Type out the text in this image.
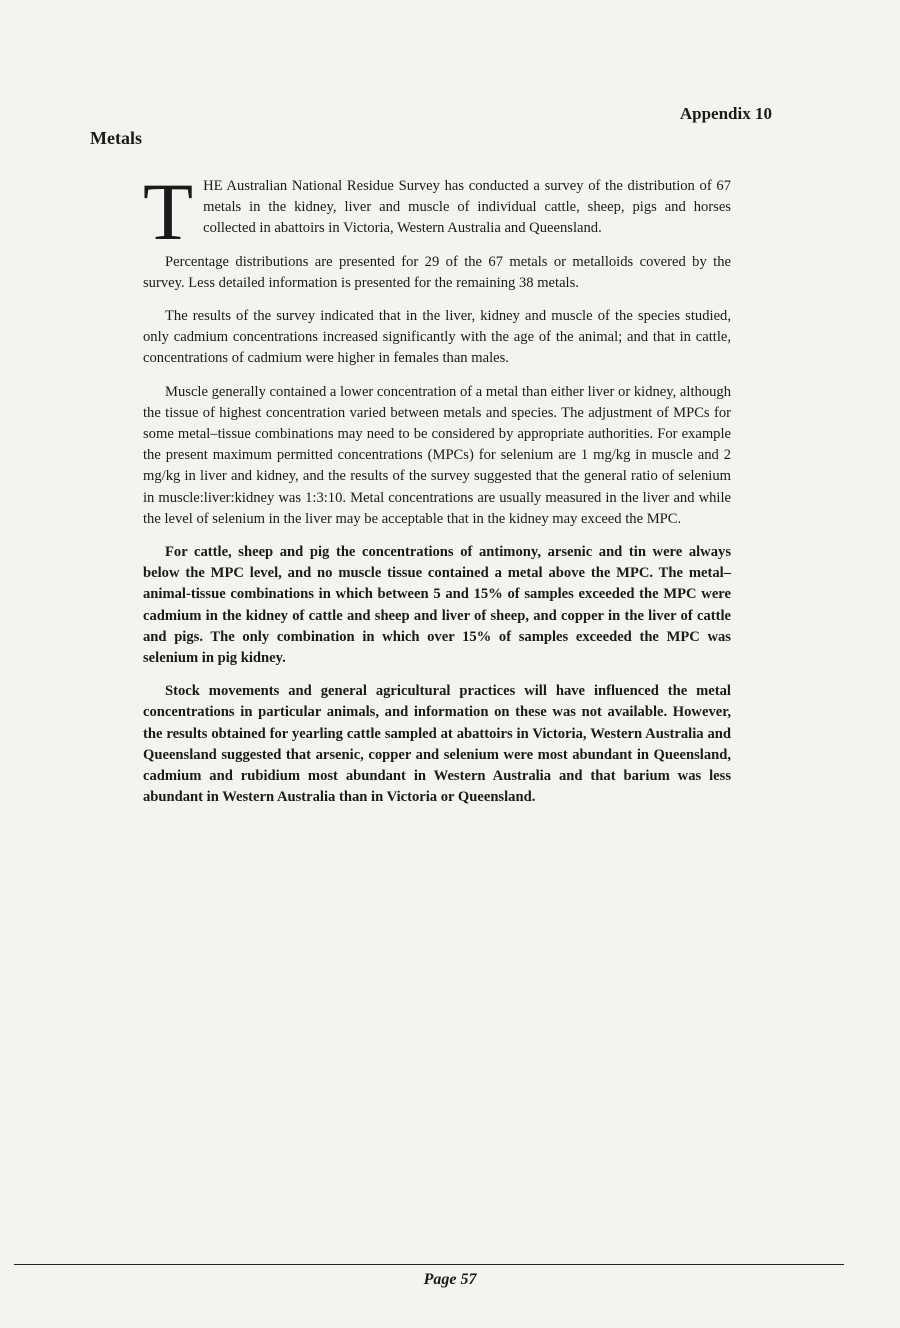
Appendix 10
Metals

THE Australian National Residue Survey has conducted a survey of the distribution of 67 metals in the kidney, liver and muscle of individual cattle, sheep, pigs and horses collected in abattoirs in Victoria, Western Australia and Queensland.

Percentage distributions are presented for 29 of the 67 metals or metalloids covered by the survey. Less detailed information is presented for the remaining 38 metals.

The results of the survey indicated that in the liver, kidney and muscle of the species studied, only cadmium concentrations increased significantly with the age of the animal; and that in cattle, concentrations of cadmium were higher in females than males.

Muscle generally contained a lower concentration of a metal than either liver or kidney, although the tissue of highest concentration varied between metals and species. The adjustment of MPCs for some metal–tissue combinations may need to be considered by appropriate authorities. For example the present maximum permitted concentrations (MPCs) for selenium are 1 mg/kg in muscle and 2 mg/kg in liver and kidney, and the results of the survey suggested that the general ratio of selenium in muscle:liver:kidney was 1:3:10. Metal concentrations are usually measured in the liver and while the level of selenium in the liver may be acceptable that in the kidney may exceed the MPC.

For cattle, sheep and pig the concentrations of antimony, arsenic and tin were always below the MPC level, and no muscle tissue contained a metal above the MPC. The metal–animal-tissue combinations in which between 5 and 15% of samples exceeded the MPC were cadmium in the kidney of cattle and sheep and liver of sheep, and copper in the liver of cattle and pigs. The only combination in which over 15% of samples exceeded the MPC was selenium in pig kidney.

Stock movements and general agricultural practices will have influenced the metal concentrations in particular animals, and information on these was not available. However, the results obtained for yearling cattle sampled at abattoirs in Victoria, Western Australia and Queensland suggested that arsenic, copper and selenium were most abundant in Queensland, cadmium and rubidium most abundant in Western Australia and that barium was less abundant in Western Australia than in Victoria or Queensland.

Page 57
